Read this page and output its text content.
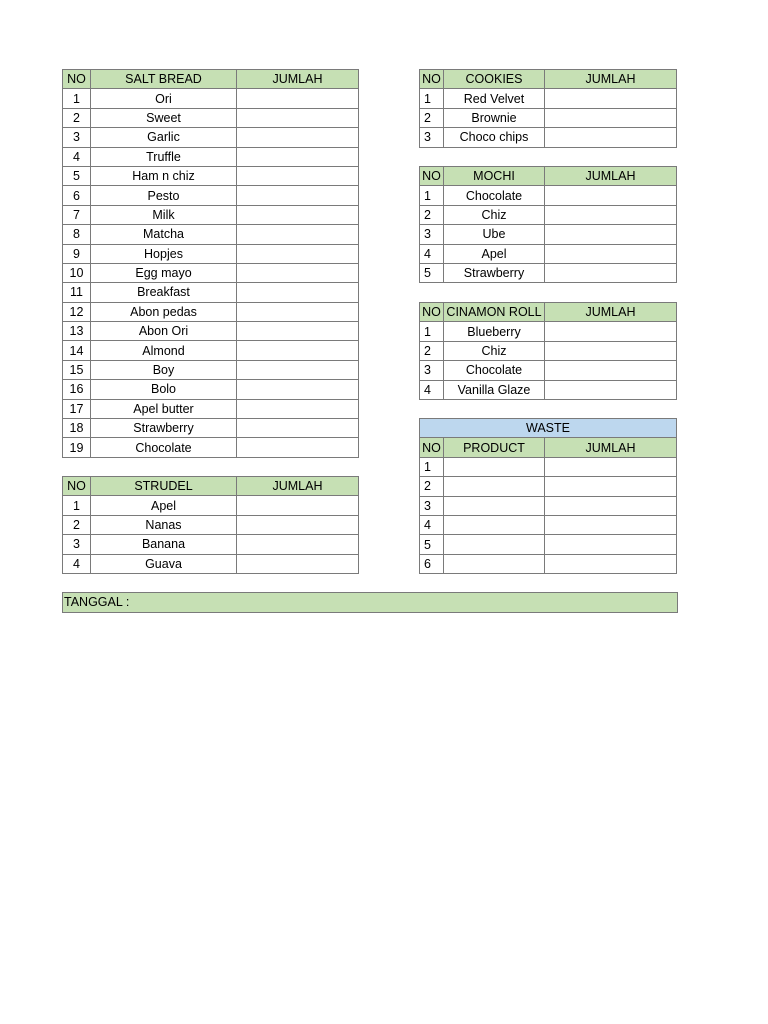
NO	SALT BREAD	JUMLAH
1	Ori	
2	Sweet	
3	Garlic	
4	Truffle	
5	Ham n chiz	
6	Pesto	
7	Milk	
8	Matcha	
9	Hopjes	
10	Egg mayo	
11	Breakfast	
12	Abon pedas	
13	Abon Ori	
14	Almond	
15	Boy	
16	Bolo	
17	Apel butter	
18	Strawberry	
19	Chocolate	
NO	STRUDEL	JUMLAH
1	Apel	
2	Nanas	
3	Banana	
4	Guava	
NO	COOKIES	JUMLAH
1	Red Velvet	
2	Brownie	
3	Choco chips	
NO	MOCHI	JUMLAH
1	Chocolate	
2	Chiz	
3	Ube	
4	Apel	
5	Strawberry	
NO	CINAMON ROLL	JUMLAH
1	Blueberry	
2	Chiz	
3	Chocolate	
4	Vanilla Glaze	
WASTE		
NO	PRODUCT	JUMLAH
1		
2		
3		
4		
5		
6		
TANGGAL :
